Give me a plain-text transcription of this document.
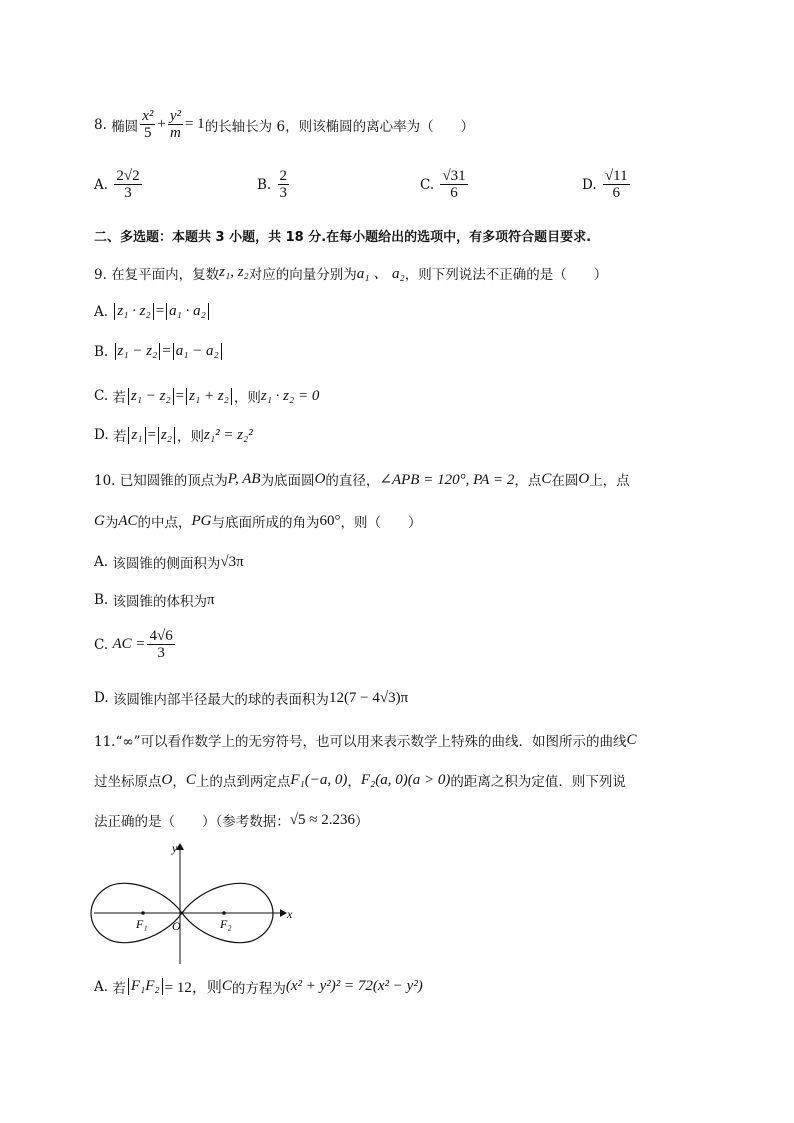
8.
椭圆 $\frac{\text{x²}}{5} + \frac{\text{y²}}{m} = 1$ 的长轴长为 6，则该椭圆的离心率为（　　）
A.
$\frac{2√2}{3}$	B.
$\frac{2}{3}$	C.
$\frac{√31}{6}$	D.
$\frac{√11}{6}$
二、多选题：本题共 3 小题，共 18 分.在每小题给出的选项中，有多项符合题目要求.
9. 在复平面内，复数 z₁, z₂ 对应的向量分别为 a₁ 、 a₂ ，则下列说法不正确的是（　　）
A.
z₁ · z₂ = a₁ · a₂
B.
z₁ − z₂ = a₁ − a₂
C.
若 z₁ − z₂ = z₁ + z₂ ，则 z₁ · z₂ = 0
D.
若 z₁ = z₂ ，则 z₁² = z₂²
10. 已知圆锥的顶点为 P, AB 为底面圆 O 的直径， ∠APB = 120°, PA = 2 ，点 C 在圆 O 上，点
G 为 AC 的中点， PG 与底面所成的角为 60° ，则（　　）
A.
该圆锥的侧面积为 √3π
B.
该圆锥的体积为 π
C.
AC = $\frac{4√6}{3}$
D.
该圆锥内部半径最大的球的表面积为 12(7 − 4√3)π
11.“∞”可以看作数学上的无穷符号，也可以用来表示数学上特殊的曲线．如图所示的曲线 C
过坐标原点 O ， C 上的点到两定点 F₁(−a, 0) ， F₂(a, 0)(a > 0) 的距离之积为定值．则下列说
法正确的是（　　）（参考数据： √5 ≈ 2.236 ）
y
x
O
F₁	F₂
A.
若 F₁F₂ = 12，则 C 的方程为 (x² + y²)² = 72(x² − y²)
